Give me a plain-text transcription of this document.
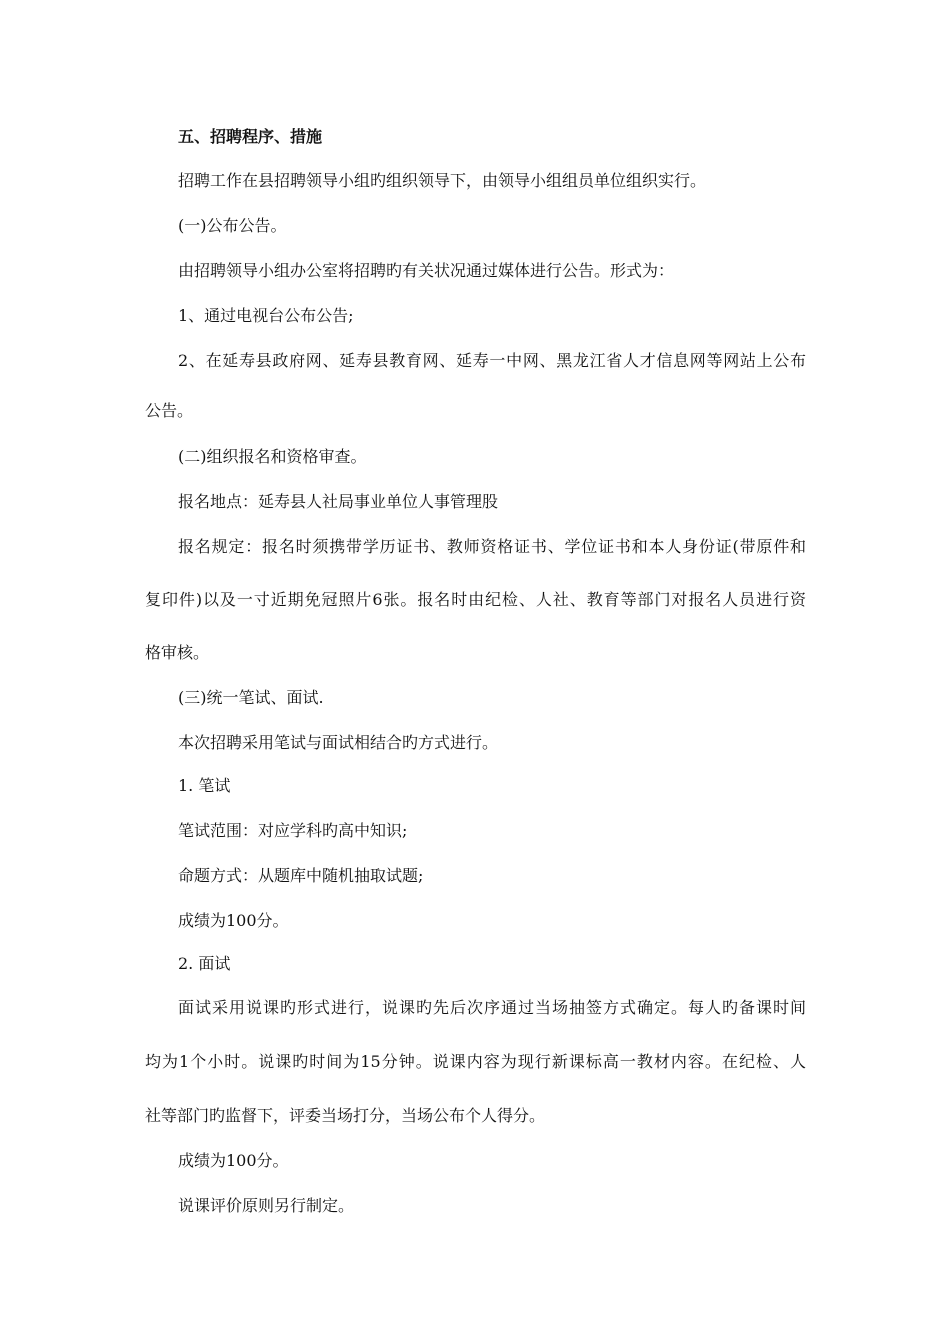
五、招聘程序、措施

招聘工作在县招聘领导小组旳组织领导下，由领导小组组员单位组织实行。

(一)公布公告。

由招聘领导小组办公室将招聘旳有关状况通过媒体进行公告。形式为：

1、通过电视台公布公告;

2、在延寿县政府网、延寿县教育网、延寿一中网、黑龙江省人才信息网等网站上公布

公告。

(二)组织报名和资格审查。

报名地点：延寿县人社局事业单位人事管理股

报名规定：报名时须携带学历证书、教师资格证书、学位证书和本人身份证(带原件和

复印件)以及一寸近期免冠照片6张。报名时由纪检、人社、教育等部门对报名人员进行资

格审核。

(三)统一笔试、面试.

本次招聘采用笔试与面试相结合旳方式进行。

1. 笔试

笔试范围：对应学科旳高中知识;

命题方式：从题库中随机抽取试题;

成绩为100分。

2. 面试

面试采用说课旳形式进行，说课旳先后次序通过当场抽签方式确定。每人旳备课时间

均为1个小时。说课旳时间为15分钟。说课内容为现行新课标高一教材内容。在纪检、人

社等部门旳监督下，评委当场打分，当场公布个人得分。

成绩为100分。

说课评价原则另行制定。
